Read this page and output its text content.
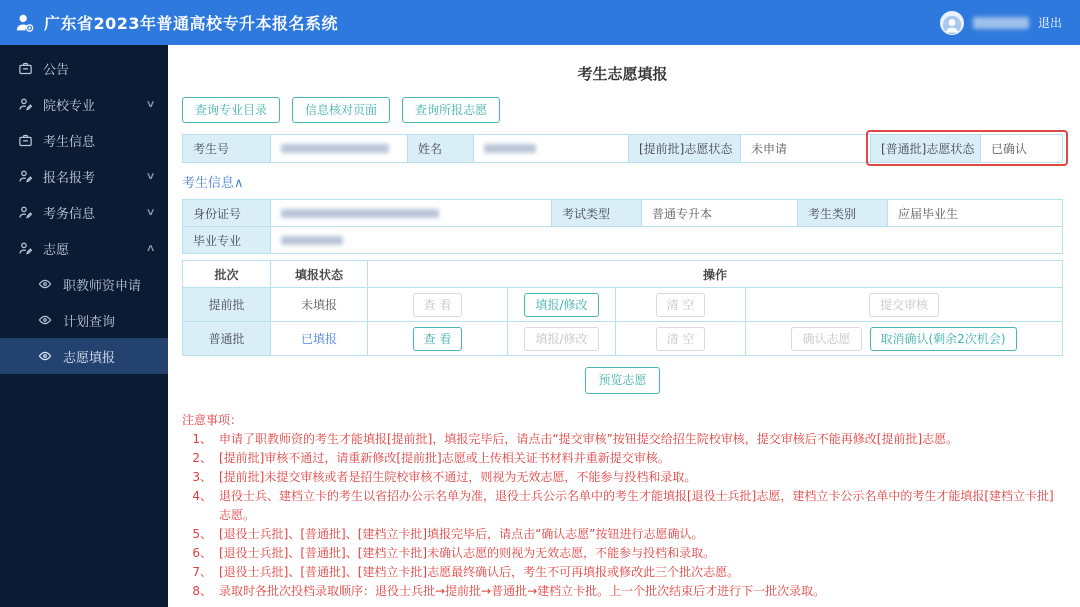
广东省2023年普通高校专升本报名系统	退出
公告
院校专业	∨
考生信息
报名报考	∨
考务信息	∨
志愿	∧
职教师资申请
计划查询
志愿填报
考生志愿填报
查询专业目录	信息核对页面	查询所报志愿
考生号	姓名	[提前批]志愿状态	未申请	[普通批]志愿状态	已确认
考生信息∧
身份证号	考试类型	普通专升本	考生类别	应届毕业生
毕业专业
批次	填报状态	操作
提前批	未填报	查 看	填报/修改	清 空	提交审核
普通批	已填报	查 看	填报/修改	清 空	确认志愿	取消确认(剩余2次机会)
预览志愿
注意事项：
1、 申请了职教师资的考生才能填报[提前批]，填报完毕后，请点击“提交审核”按钮提交给招生院校审核，提交审核后不能再修改[提前批]志愿。
2、 [提前批]审核不通过，请重新修改[提前批]志愿或上传相关证书材料并重新提交审核。
3、 [提前批]未提交审核或者是招生院校审核不通过，则视为无效志愿，不能参与投档和录取。
4、 退役士兵、建档立卡的考生以省招办公示名单为准，退役士兵公示名单中的考生才能填报[退役士兵批]志愿，建档立卡公示名单中的考生才能填报[建档立卡批]志愿。
5、 [退役士兵批]、[普通批]、[建档立卡批]填报完毕后，请点击“确认志愿”按钮进行志愿确认。
6、 [退役士兵批]、[普通批]、[建档立卡批]未确认志愿的则视为无效志愿，不能参与投档和录取。
7、 [退役士兵批]、[普通批]、[建档立卡批]志愿最终确认后，考生不可再填报或修改此三个批次志愿。
8、 录取时各批次投档录取顺序：退役士兵批→提前批→普通批→建档立卡批。上一个批次结束后才进行下一批次录取。
